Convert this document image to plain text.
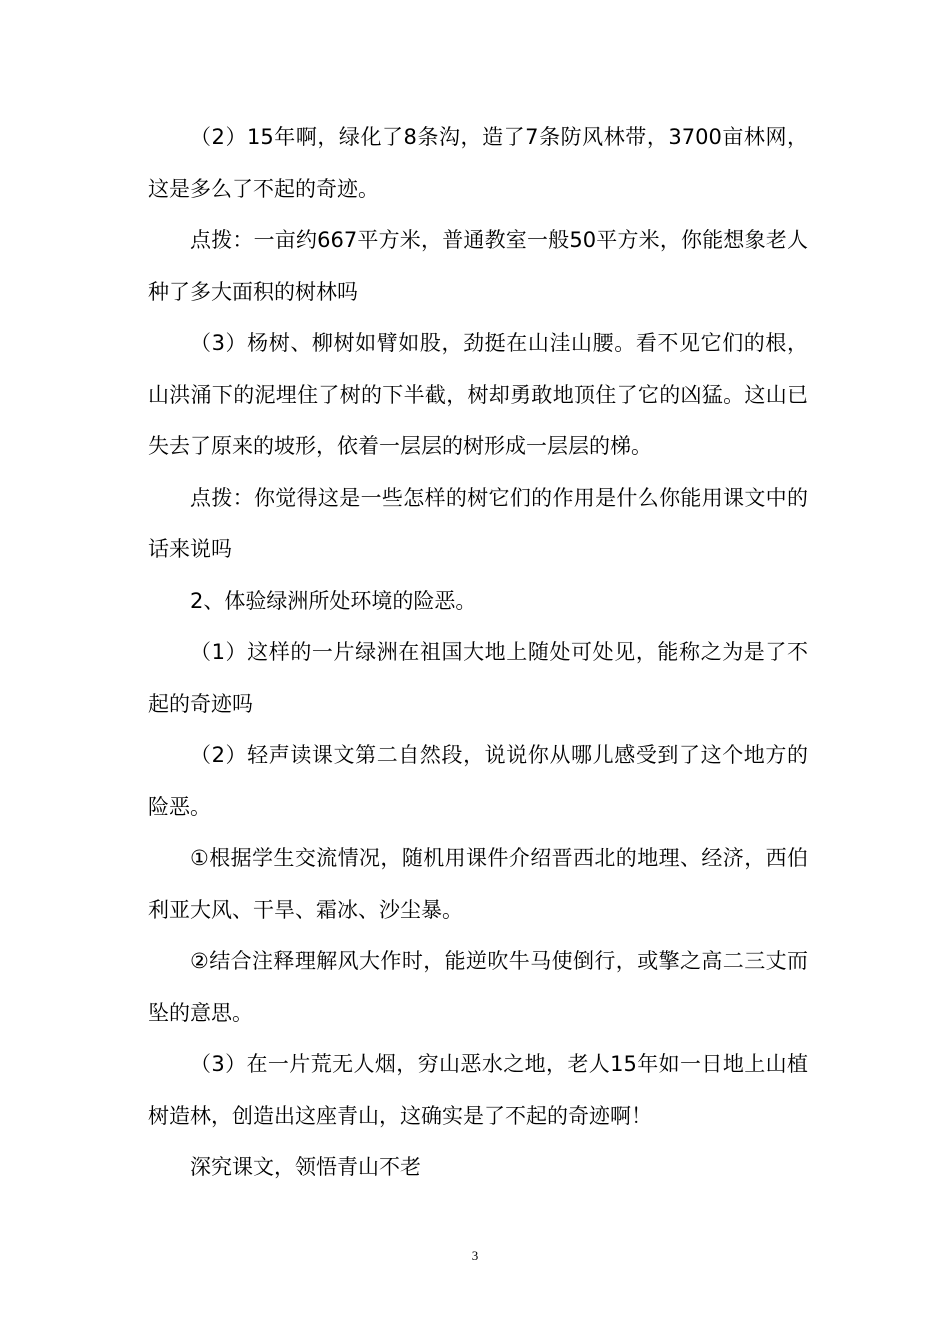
（2）15年啊，绿化了8条沟，造了7条防风林带，3700亩林网，这是多么了不起的奇迹。

点拨：一亩约667平方米，普通教室一般50平方米，你能想象老人种了多大面积的树林吗

（3）杨树、柳树如臂如股，劲挺在山洼山腰。看不见它们的根，山洪涌下的泥埋住了树的下半截，树却勇敢地顶住了它的凶猛。这山已失去了原来的坡形，依着一层层的树形成一层层的梯。

点拨：你觉得这是一些怎样的树它们的作用是什么你能用课文中的话来说吗

2、体验绿洲所处环境的险恶。

（1）这样的一片绿洲在祖国大地上随处可处见，能称之为是了不起的奇迹吗

（2）轻声读课文第二自然段，说说你从哪儿感受到了这个地方的险恶。

①根据学生交流情况，随机用课件介绍晋西北的地理、经济，西伯利亚大风、干旱、霜冰、沙尘暴。

②结合注释理解风大作时，能逆吹牛马使倒行，或擎之高二三丈而坠的意思。

（3）在一片荒无人烟，穷山恶水之地，老人15年如一日地上山植树造林，创造出这座青山，这确实是了不起的奇迹啊！

深究课文，领悟青山不老

3
